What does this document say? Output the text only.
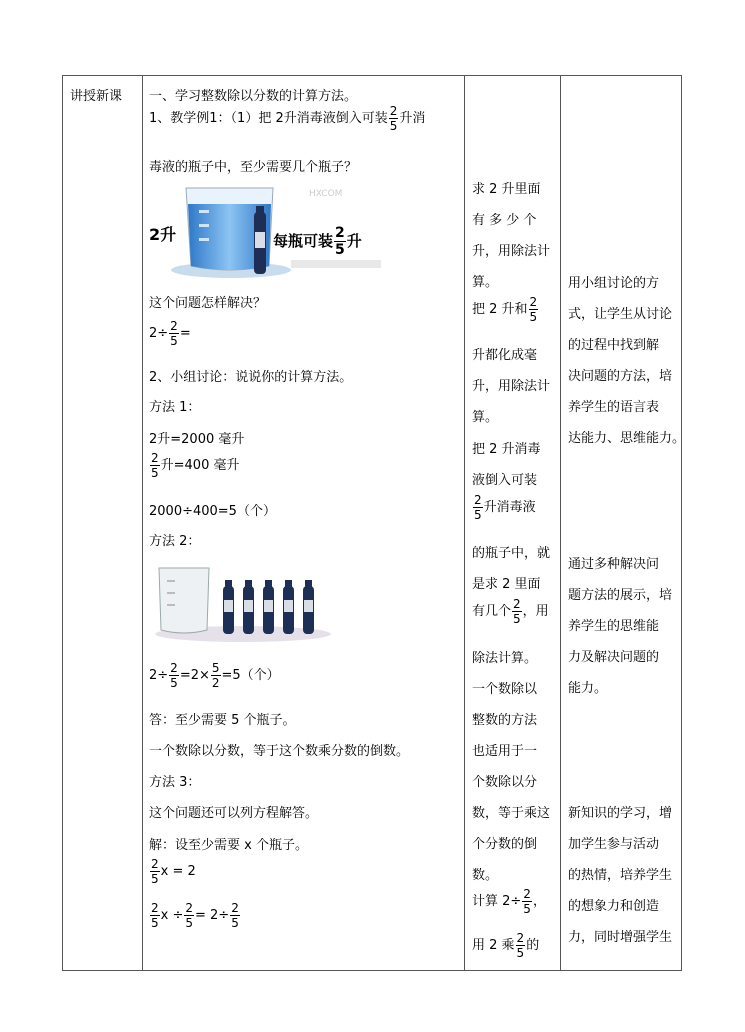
讲授新课 一、学习整数除以分数的计算方法。
1、教学例1：（1）把 2升消毒液倒入可装 $\frac{2}{5}$ 升消
毒液的瓶子中，至少需要几个瓶子？
HXCOM
2升	每瓶可装 $\frac{2}{5}$ 升
这个问题怎样解决？
$2\div \frac{2}{5}$ =
2、小组讨论：说说你的计算方法。
方法 1：
2升=2000 毫升
$\frac{2}{5}$ 升=400 毫升
2000÷400=5（个）
方法 2：
$2\div \frac{2}{5} =2\times \frac{5}{2} =5$（个）
答：至少需要 5 个瓶子。
一个数除以分数，等于这个数乘分数的倒数。
方法 3：
这个问题还可以列方程解答。
解：设至少需要 x 个瓶子。
$\frac{2}{5}$ x = 2
$\frac{2}{5}$ $x \div \frac{2}{5} = 2\div \frac{2}{5}$
求 2 升里面
有 多 少 个
升，用除法计
算。
把 2 升和 $\frac{2}{5}$
升都化成毫
升，用除法计
算。
把 2 升消毒
液倒入可装
$\frac{2}{5}$ 升消毒液
的瓶子中，就
是求 2 里面
有几个 $\frac{2}{5}$ ，用
除法计算。
一个数除以
整数的方法
也适用于一
个数除以分
数，等于乘这
个分数的倒
数。
计算 $2\div \frac{2}{5}$ ，
用 2 乘 $\frac{2}{5}$ 的
用小组讨论的方
式，让学生从讨论
的过程中找到解
决问题的方法，培
养学生的语言表
达能力、思维能力。
通过多种解决问
题方法的展示，培
养学生的思维能
力及解决问题的
能力。
新知识的学习，增
加学生参与活动
的热情，培养学生
的想象力和创造
力，同时增强学生
